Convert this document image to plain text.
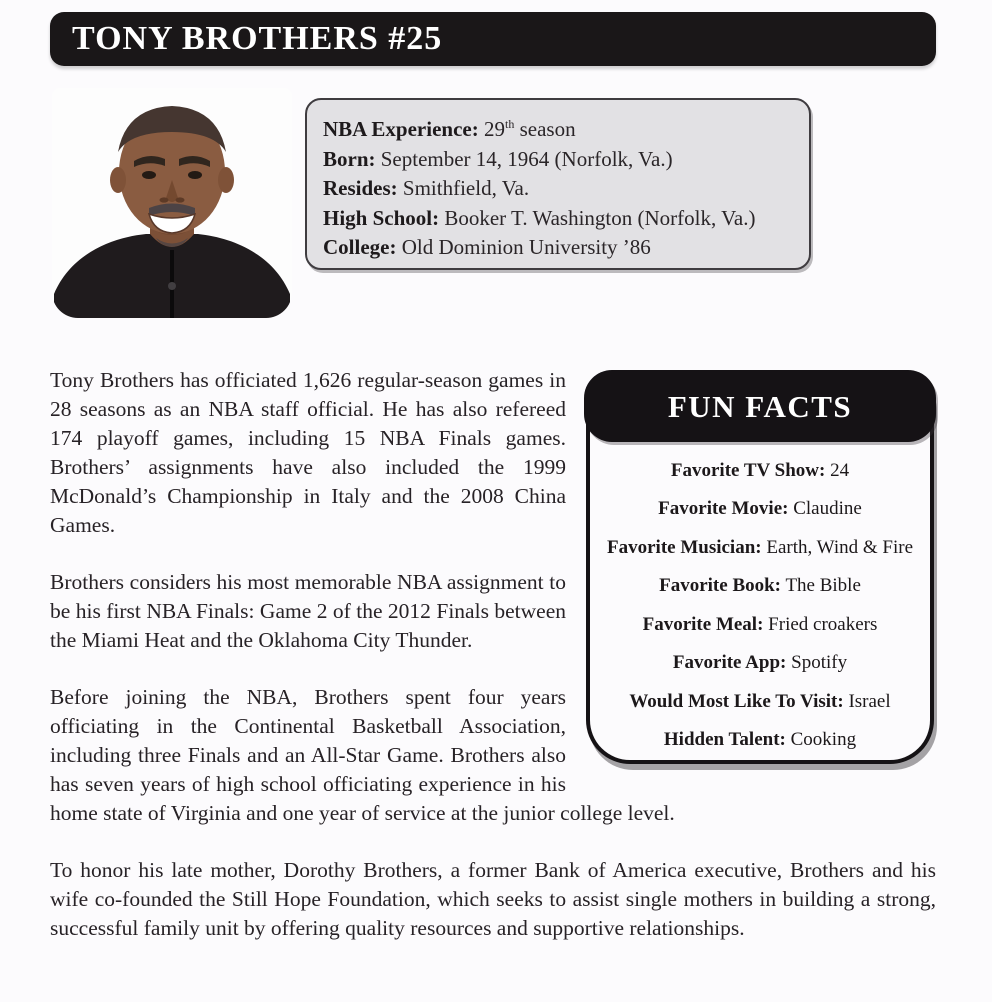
TONY BROTHERS #25
NBA Experience: 29th season
Born: September 14, 1964 (Norfolk, Va.)
Resides: Smithfield, Va.
High School: Booker T. Washington (Norfolk, Va.)
College: Old Dominion University ’86
FUN FACTS
Favorite TV Show: 24
Favorite Movie: Claudine
Favorite Musician: Earth, Wind & Fire
Favorite Book: The Bible
Favorite Meal: Fried croakers
Favorite App: Spotify
Would Most Like To Visit: Israel
Hidden Talent: Cooking

Tony Brothers has officiated 1,626 regular-season games in 28 seasons as an NBA staff official. He has also refereed 174 playoff games, including 15 NBA Finals games. Brothers’ assignments have also included the 1999 McDonald’s Championship in Italy and the 2008 China Games.

Brothers considers his most memorable NBA assignment to be his first NBA Finals: Game 2 of the 2012 Finals between the Miami Heat and the Oklahoma City Thunder.

Before joining the NBA, Brothers spent four years officiating in the Continental Basketball Association, including three Finals and an All-Star Game. Brothers also has seven years of high school officiating experience in his home state of Virginia and one year of service at the junior college level.

To honor his late mother, Dorothy Brothers, a former Bank of America executive, Brothers and his wife co-founded the Still Hope Foundation, which seeks to assist single mothers in building a strong, successful family unit by offering quality resources and supportive relationships.
